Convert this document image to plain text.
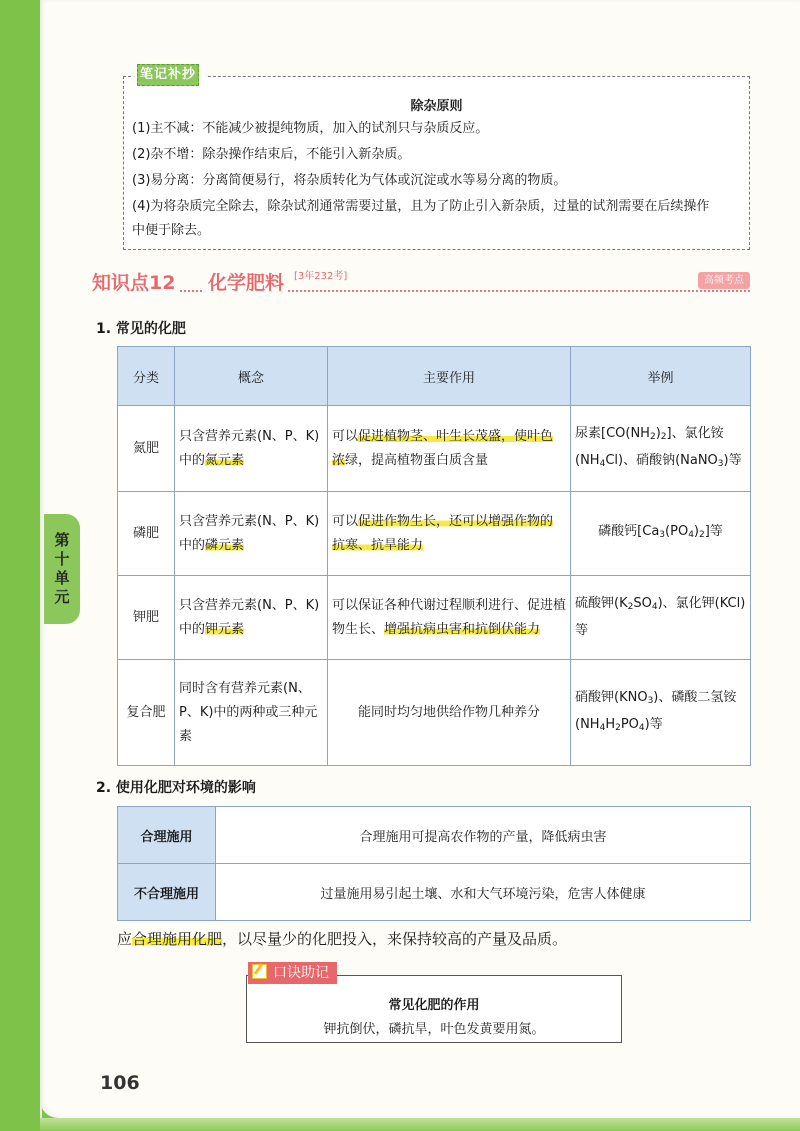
第
十
单
元
除杂原则
(1)主不减：不能减少被提纯物质，加入的试剂只与杂质反应。
(2)杂不增：除杂操作结束后，不能引入新杂质。
(3)易分离：分离简便易行，将杂质转化为气体或沉淀或水等易分离的物质。
(4)为将杂质完全除去，除杂试剂通常需要过量，且为了防止引入新杂质，过量的试剂需要在后续操作
中便于除去。
笔记补抄
知识点12 化学肥料 [3年232考]	高频考点
1. 常见的化肥
分类	概念	主要作用	举例
氮肥	只含营养元素(N、P、K)中的氮元素	可以促进植物茎、叶生长茂盛，使叶色浓绿，提高植物蛋白质含量	尿素$[CO(NH_2)_2]$、氯化铵$(NH_4Cl)$、硝酸钠(NaNO$_3$)等
磷肥	只含营养元素(N、P、K)中的磷元素	可以促进作物生长，还可以增强作物的抗寒、抗旱能力	磷酸钙$[Ca_3(PO_4)_2]$等
钾肥	只含营养元素(N、P、K)中的钾元素	可以保证各种代谢过程顺利进行、促进植物生长、增强抗病虫害和抗倒伏能力	硫酸钾$(K_2SO_4)$、氯化钾(KCl)等
复合肥	同时含有营养元素(N、P、K)中的两种或三种元素	能同时均匀地供给作物几种养分	硝酸钾$(KNO_3)$、磷酸二氢铵$(NH_4H_2PO_4)$等
2. 使用化肥对环境的影响
合理施用	合理施用可提高农作物的产量，降低病虫害
不合理施用	过量施用易引起土壤、水和大气环境污染，危害人体健康
应合理施用化肥，以尽量少的化肥投入，来保持较高的产量及品质。
常见化肥的作用
钾抗倒伏，磷抗旱，叶色发黄要用氮。
口诀助记
106
